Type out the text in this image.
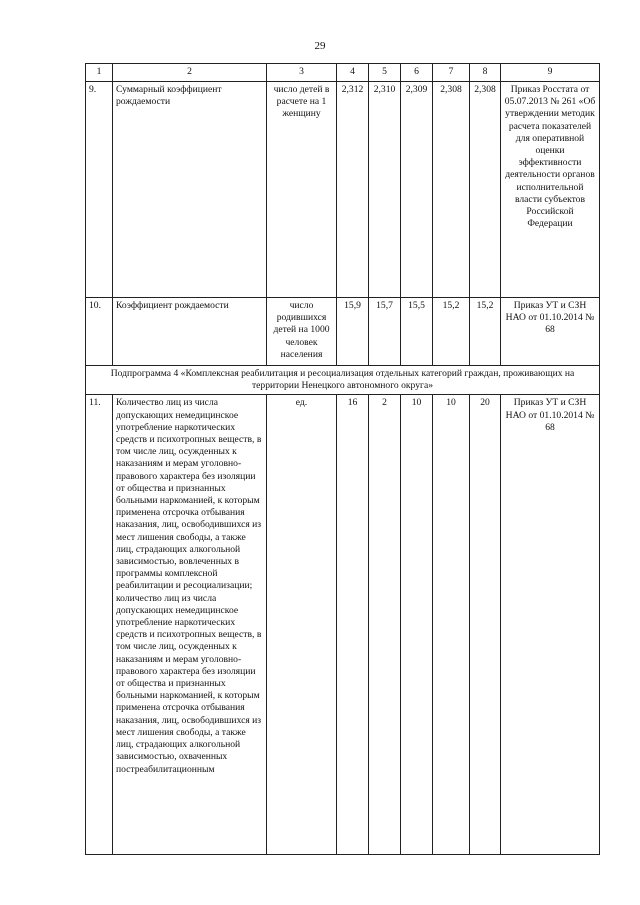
29
1	2	3	4	5	6	7	8	9
9.	Суммарный коэффициент рождаемости	число детей в расчете на 1 женщину	2,312	2,310	2,309	2,308	2,308	Приказ Росстата от 05.07.2013 № 261 «Об утверждении методик расчета показателей для оперативной оценки эффективности деятельности органов исполнительной власти субъектов Российской Федерации
10.	Коэффициент рождаемости	число родившихся детей на 1000 человек населения	15,9	15,7	15,5	15,2	15,2	Приказ УТ и СЗН НАО от 01.10.2014 № 68
Подпрограмма 4 «Комплексная реабилитация и ресоциализация отдельных категорий граждан, проживающих на территории Ненецкого автономного округа»								
11.	Количество лиц из числа допускающих немедицинское употребление наркотических средств и психотропных веществ, в том числе лиц, осужденных к наказаниям и мерам уголовно-правового характера без изоляции от общества и признанных больными наркоманией, к которым применена отсрочка отбывания наказания, лиц, освободившихся из мест лишения свободы, а также лиц, страдающих алкогольной зависимостью, вовлеченных в программы комплексной реабилитации и ресоциализации; количество лиц из числа допускающих немедицинское употребление наркотических средств и психотропных веществ, в том числе лиц, осужденных к наказаниям и мерам уголовно-правового характера без изоляции от общества и признанных больными наркоманией, к которым применена отсрочка отбывания наказания, лиц, освободившихся из мест лишения свободы, а также лиц, страдающих алкогольной зависимостью, охваченных постреабилитационным	ед.	16	2	10	10	20	Приказ УТ и СЗН НАО от 01.10.2014 № 68
